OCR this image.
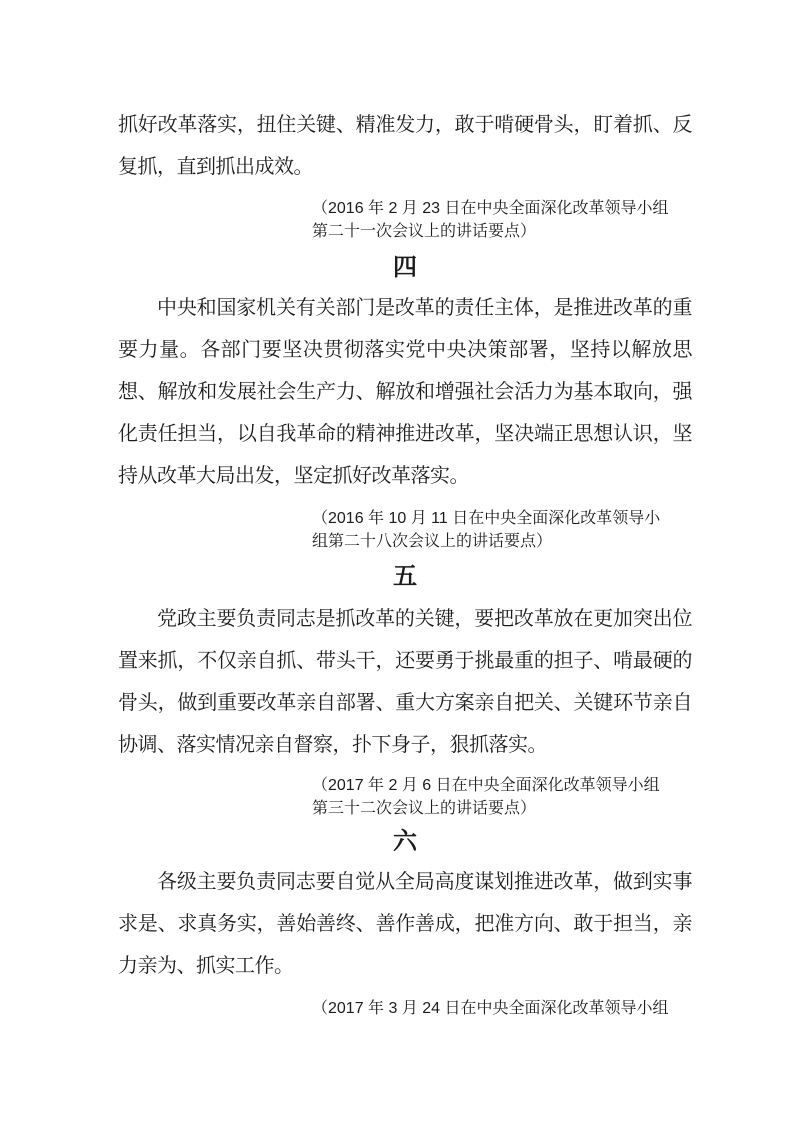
抓好改革落实，扭住关键、精准发力，敢于啃硬骨头，盯着抓、反
复抓，直到抓出成效。
（2016 年 2 月 23 日在中央全面深化改革领导小组
第二十一次会议上的讲话要点）
四
中央和国家机关有关部门是改革的责任主体，是推进改革的重
要力量。各部门要坚决贯彻落实党中央决策部署，坚持以解放思
想、解放和发展社会生产力、解放和增强社会活力为基本取向，强
化责任担当，以自我革命的精神推进改革，坚决端正思想认识，坚
持从改革大局出发，坚定抓好改革落实。
（2016 年 10 月 11 日在中央全面深化改革领导小
组第二十八次会议上的讲话要点）
五
党政主要负责同志是抓改革的关键，要把改革放在更加突出位
置来抓，不仅亲自抓、带头干，还要勇于挑最重的担子、啃最硬的
骨头，做到重要改革亲自部署、重大方案亲自把关、关键环节亲自
协调、落实情况亲自督察，扑下身子，狠抓落实。
（2017 年 2 月 6 日在中央全面深化改革领导小组
第三十二次会议上的讲话要点）
六
各级主要负责同志要自觉从全局高度谋划推进改革，做到实事
求是、求真务实，善始善终、善作善成，把准方向、敢于担当，亲
力亲为、抓实工作。
（2017 年 3 月 24 日在中央全面深化改革领导小组
